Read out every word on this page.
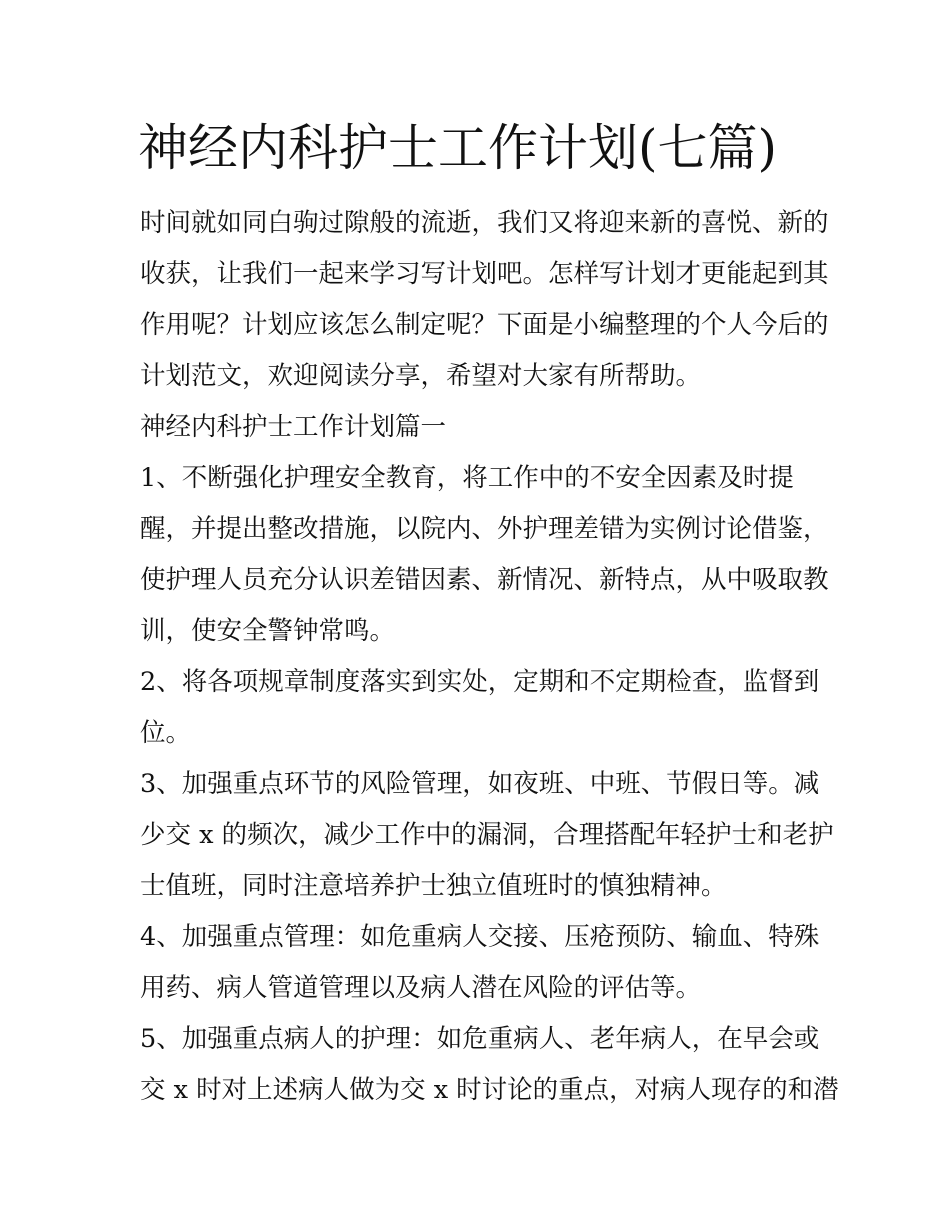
神经内科护士工作计划(七篇)
时间就如同白驹过隙般的流逝，我们又将迎来新的喜悦、新的
收获，让我们一起来学习写计划吧。怎样写计划才更能起到其
作用呢？计划应该怎么制定呢？下面是小编整理的个人今后的
计划范文，欢迎阅读分享，希望对大家有所帮助。
神经内科护士工作计划篇一
1、不断强化护理安全教育，将工作中的不安全因素及时提
醒，并提出整改措施，以院内、外护理差错为实例讨论借鉴，
使护理人员充分认识差错因素、新情况、新特点，从中吸取教
训，使安全警钟常鸣。
2、将各项规章制度落实到实处，定期和不定期检查，监督到
位。
3、加强重点环节的风险管理，如夜班、中班、节假日等。减
少交 x 的频次，减少工作中的漏洞，合理搭配年轻护士和老护
士值班，同时注意培养护士独立值班时的慎独精神。
4、加强重点管理：如危重病人交接、压疮预防、输血、特殊
用药、病人管道管理以及病人潜在风险的评估等。
5、加强重点病人的护理：如危重病人、老年病人，在早会或
交 x 时对上述病人做为交 x 时讨论的重点，对病人现存的和潜
